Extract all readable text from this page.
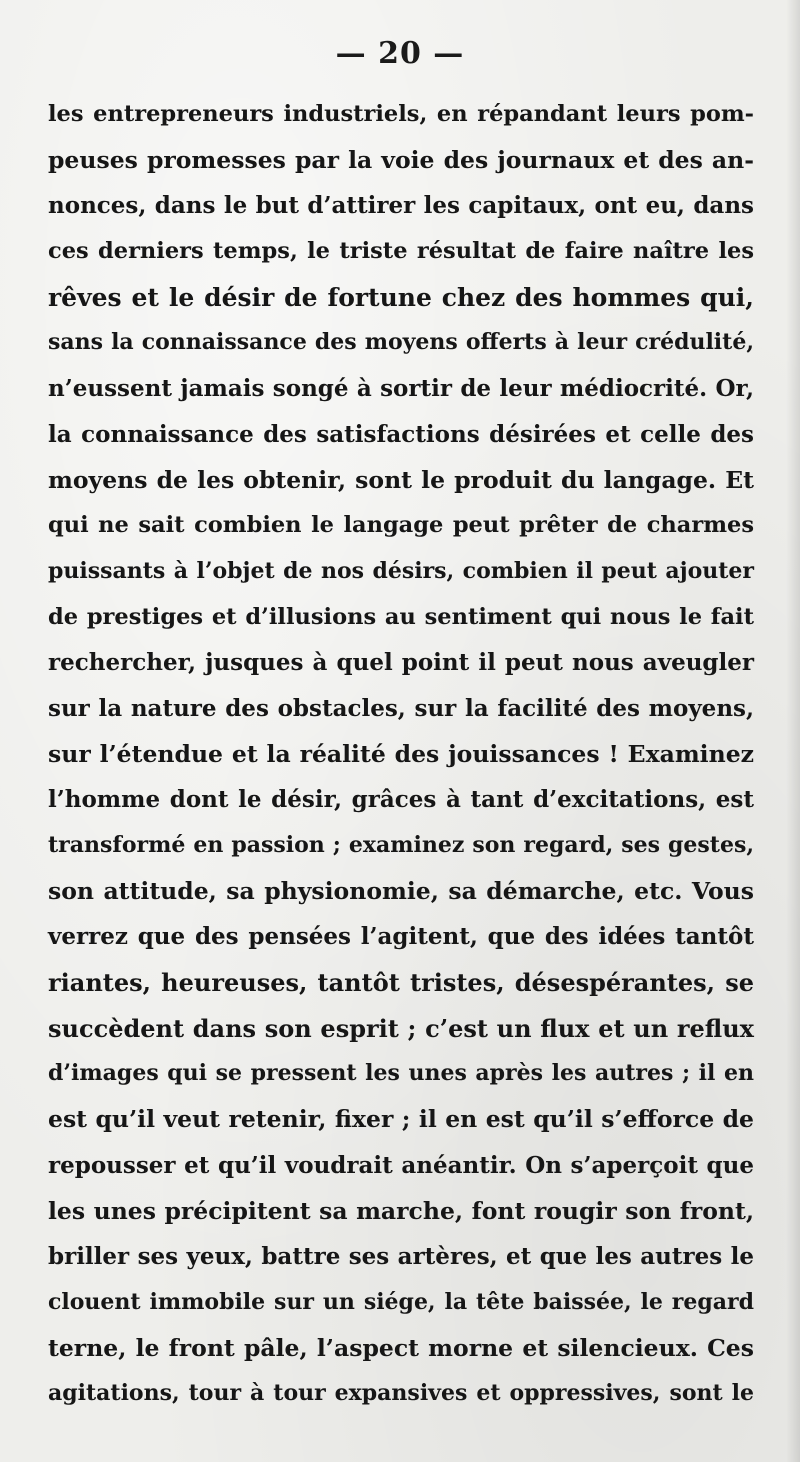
— 20 —
les entrepreneurs industriels, en répandant leurs pom-
peuses promesses par la voie des journaux et des an-
nonces, dans le but d’attirer les capitaux, ont eu, dans
ces derniers temps, le triste résultat de faire naître les
rêves et le désir de fortune chez des hommes qui,
sans la connaissance des moyens offerts à leur crédulité,
n’eussent jamais songé à sortir de leur médiocrité. Or,
la connaissance des satisfactions désirées et celle des
moyens de les obtenir, sont le produit du langage. Et
qui ne sait combien le langage peut prêter de charmes
puissants à l’objet de nos désirs, combien il peut ajouter
de prestiges et d’illusions au sentiment qui nous le fait
rechercher, jusques à quel point il peut nous aveugler
sur la nature des obstacles, sur la facilité des moyens,
sur l’étendue et la réalité des jouissances ! Examinez
l’homme dont le désir, grâces à tant d’excitations, est
transformé en passion ; examinez son regard, ses gestes,
son attitude, sa physionomie, sa démarche, etc. Vous
verrez que des pensées l’agitent, que des idées tantôt
riantes, heureuses, tantôt tristes, désespérantes, se
succèdent dans son esprit ; c’est un flux et un reflux
d’images qui se pressent les unes après les autres ; il en
est qu’il veut retenir, fixer ; il en est qu’il s’efforce de
repousser et qu’il voudrait anéantir. On s’aperçoit que
les unes précipitent sa marche, font rougir son front,
briller ses yeux, battre ses artères, et que les autres le
clouent immobile sur un siége, la tête baissée, le regard
terne, le front pâle, l’aspect morne et silencieux. Ces
agitations, tour à tour expansives et oppressives, sont le
